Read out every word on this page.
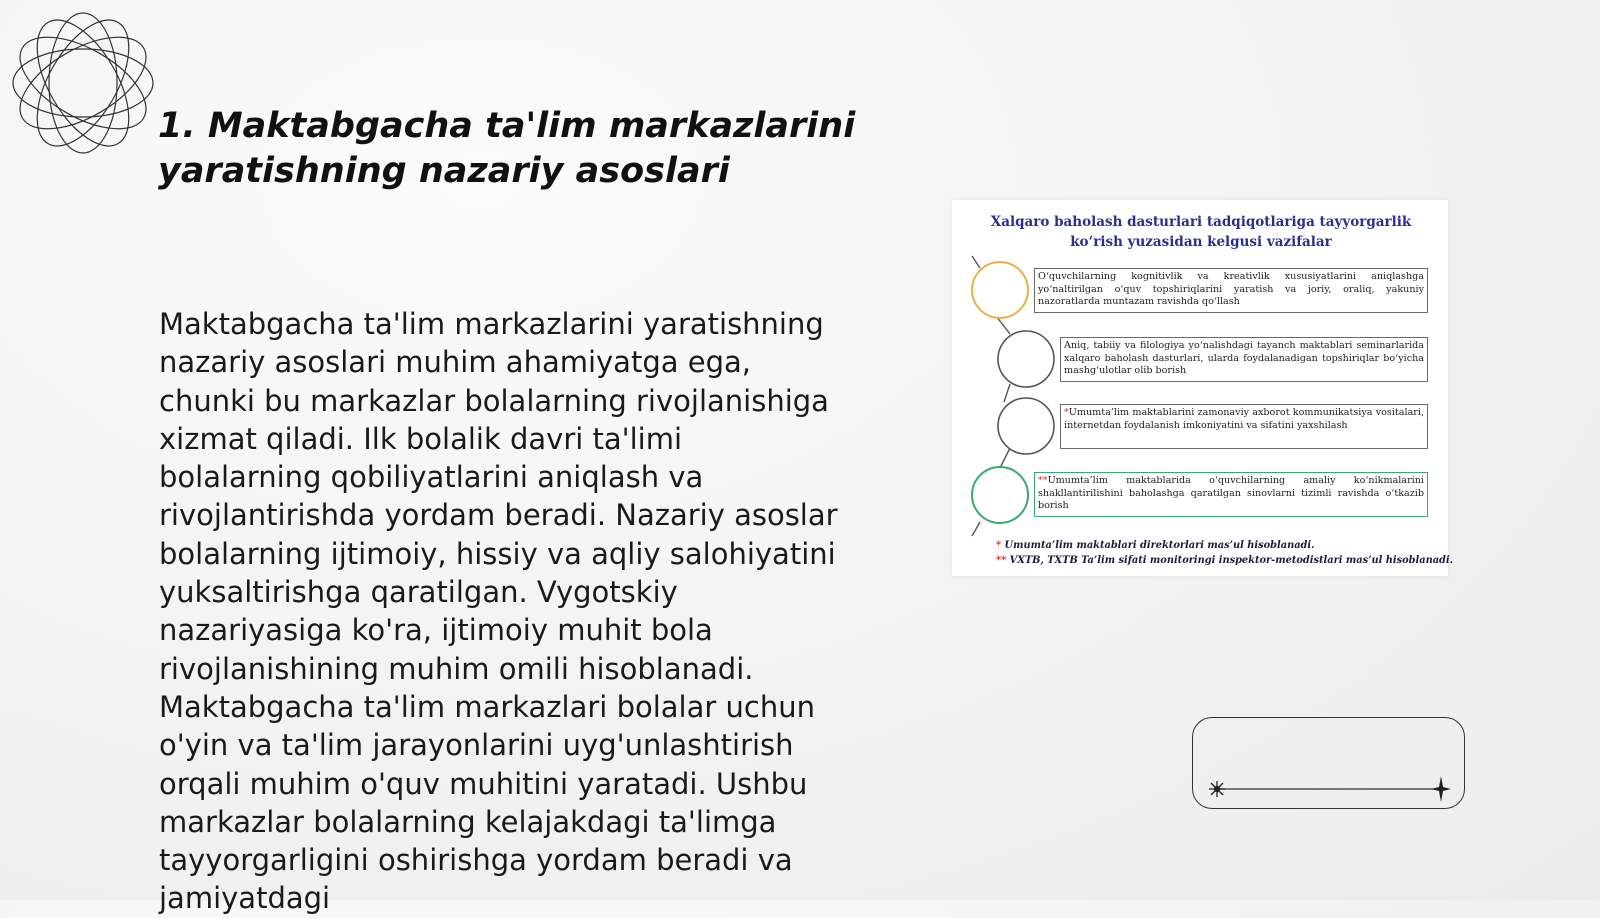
1. Maktabgacha ta'lim markazlarini yaratishning nazariy asoslari

Maktabgacha ta'lim markazlarini yaratishning nazariy asoslari muhim ahamiyatga ega, chunki bu markazlar bolalarning rivojlanishiga xizmat qiladi. Ilk bolalik davri ta'limi bolalarning qobiliyatlarini aniqlash va rivojlantirishda yordam beradi. Nazariy asoslar bolalarning ijtimoiy, hissiy va aqliy salohiyatini yuksaltirishga qaratilgan. Vygotskiy nazariyasiga ko'ra, ijtimoiy muhit bola rivojlanishining muhim omili hisoblanadi. Maktabgacha ta'lim markazlari bolalar uchun o'yin va ta'lim jarayonlarini uyg'unlashtirish orqali muhim o'quv muhitini yaratadi. Ushbu markazlar bolalarning kelajakdagi ta'limga tayyorgarligini oshirishga yordam beradi va jamiyatdagi

Xalqaro baholash dasturlari tadqiqotlariga tayyorgarlik ko‘rish yuzasidan kelgusi vazifalar

O‘quvchilarning kognitivlik va kreativlik xususiyatlarini aniqlashga yo‘naltirilgan o‘quv topshiriqlarini yaratish va joriy, oraliq, yakuniy nazoratlarda muntazam ravishda qo‘llash
Aniq, tabiiy va filologiya yo‘nalishdagi tayanch maktablari seminarlarida xalqaro baholash dasturlari, ularda foydalanadigan topshiriqlar bo‘yicha mashg‘ulotlar olib borish
*Umumta’lim maktablarini zamonaviy axborot kommunikatsiya vositalari, internetdan foydalanish imkoniyatini va sifatini yaxshilash
**Umumta’lim maktablarida o‘quvchilarning amaliy ko‘nikmalarini shakllantirilishini baholashga qaratilgan sinovlarni tizimli ravishda o‘tkazib borish
* Umumta’lim maktablari direktorlari mas’ul hisoblanadi.
** VXTB, TXTB Ta’lim sifati monitoringi inspektor-metodistlari mas’ul hisoblanadi.
